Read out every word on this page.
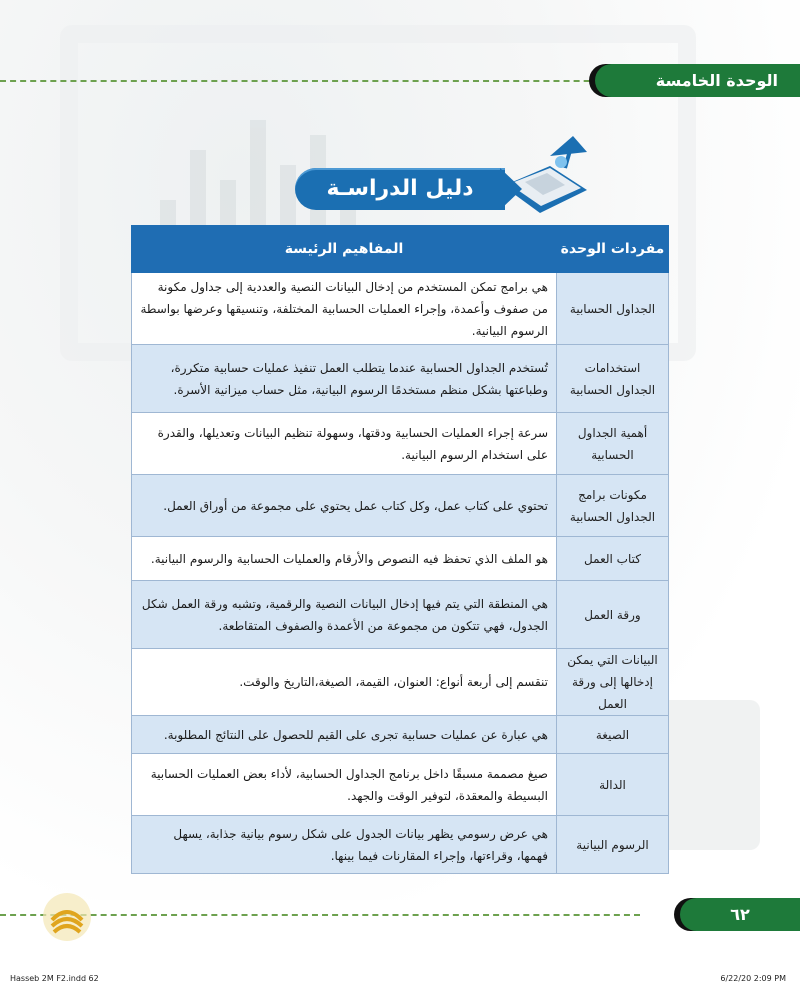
الوحدة الخامسة
دليل الدراسـة
مفردات الوحدة	المفاهيم الرئيسة
الجداول الحسابية	هي برامج تمكن المستخدم من إدخال البيانات النصية والعددية إلى جداول مكونة من صفوف وأعمدة، وإجراء العمليات الحسابية المختلفة، وتنسيقها وعرضها بواسطة الرسوم البيانية.
استخدامات الجداول الحسابية	تُستخدم الجداول الحسابية عندما يتطلب العمل تنفيذ عمليات حسابية متكررة، وطباعتها بشكل منظم مستخدمًا الرسوم البيانية، مثل حساب ميزانية الأسرة.
أهمية الجداول الحسابية	سرعة إجراء العمليات الحسابية ودقتها، وسهولة تنظيم البيانات وتعديلها، والقدرة على استخدام الرسوم البيانية.
مكونات برامج الجداول الحسابية	تحتوي على كتاب عمل، وكل كتاب عمل يحتوي على مجموعة من أوراق العمل.
كتاب العمل	هو الملف الذي تحفظ فيه النصوص والأرقام والعمليات الحسابية والرسوم البيانية.
ورقة العمل	هي المنطقة التي يتم فيها إدخال البيانات النصية والرقمية، وتشبه ورقة العمل شكل الجدول، فهي تتكون من مجموعة من الأعمدة والصفوف المتقاطعة.
البيانات التي يمكن إدخالها إلى ورقة العمل	تنقسم إلى أربعة أنواع: العنوان، القيمة، الصيغة،التاريخ والوقت.
الصيغة	هي عبارة عن عمليات حسابية تجرى على القيم للحصول على النتائج المطلوبة.
الدالة	صيغ مصممة مسبقًا داخل برنامج الجداول الحسابية، لأداء بعض العمليات الحسابية البسيطة والمعقدة، لتوفير الوقت والجهد.
الرسوم البيانية	هي عرض رسومي يظهر بيانات الجدول على شكل رسوم بيانية جذابة، يسهل فهمها، وقراءتها، وإجراء المقارنات فيما بينها.
٦٢
Hasseb 2M F2.indd 62	6/22/20 2:09 PM
